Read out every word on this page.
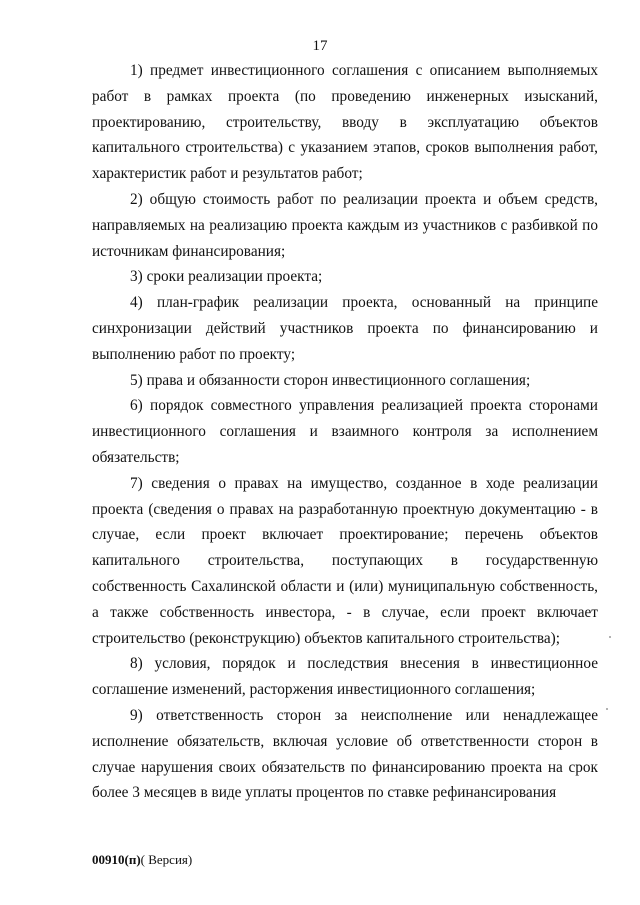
17

1) предмет инвестиционного соглашения с описанием выполняемых работ в рамках проекта (по проведению инженерных изысканий, проектированию, строительству, вводу в эксплуатацию объектов капитального строительства) с указанием этапов, сроков выполнения работ, характеристик работ и результатов работ;

2) общую стоимость работ по реализации проекта и объем средств, направляемых на реализацию проекта каждым из участников с разбивкой по источникам финансирования;

3) сроки реализации проекта;

4) план-график реализации проекта, основанный на принципе синхронизации действий участников проекта по финансированию и выполнению работ по проекту;

5) права и обязанности сторон инвестиционного соглашения;

6) порядок совместного управления реализацией проекта сторонами инвестиционного соглашения и взаимного контроля за исполнением обязательств;

7) сведения о правах на имущество, созданное в ходе реализации проекта (сведения о правах на разработанную проектную документацию - в случае, если проект включает проектирование; перечень объектов капитального строительства, поступающих в государственную собственность Сахалинской области и (или) муниципальную собственность, а также собственность инвестора, - в случае, если проект включает строительство (реконструкцию) объектов капитального строительства);

8) условия, порядок и последствия внесения в инвестиционное соглашение изменений, расторжения инвестиционного соглашения;

9) ответственность сторон за неисполнение или ненадлежащее исполнение обязательств, включая условие об ответственности сторон в случае нарушения своих обязательств по финансированию проекта на срок более 3 месяцев в виде уплаты процентов по ставке рефинансирования

00910(п)( Версия)
